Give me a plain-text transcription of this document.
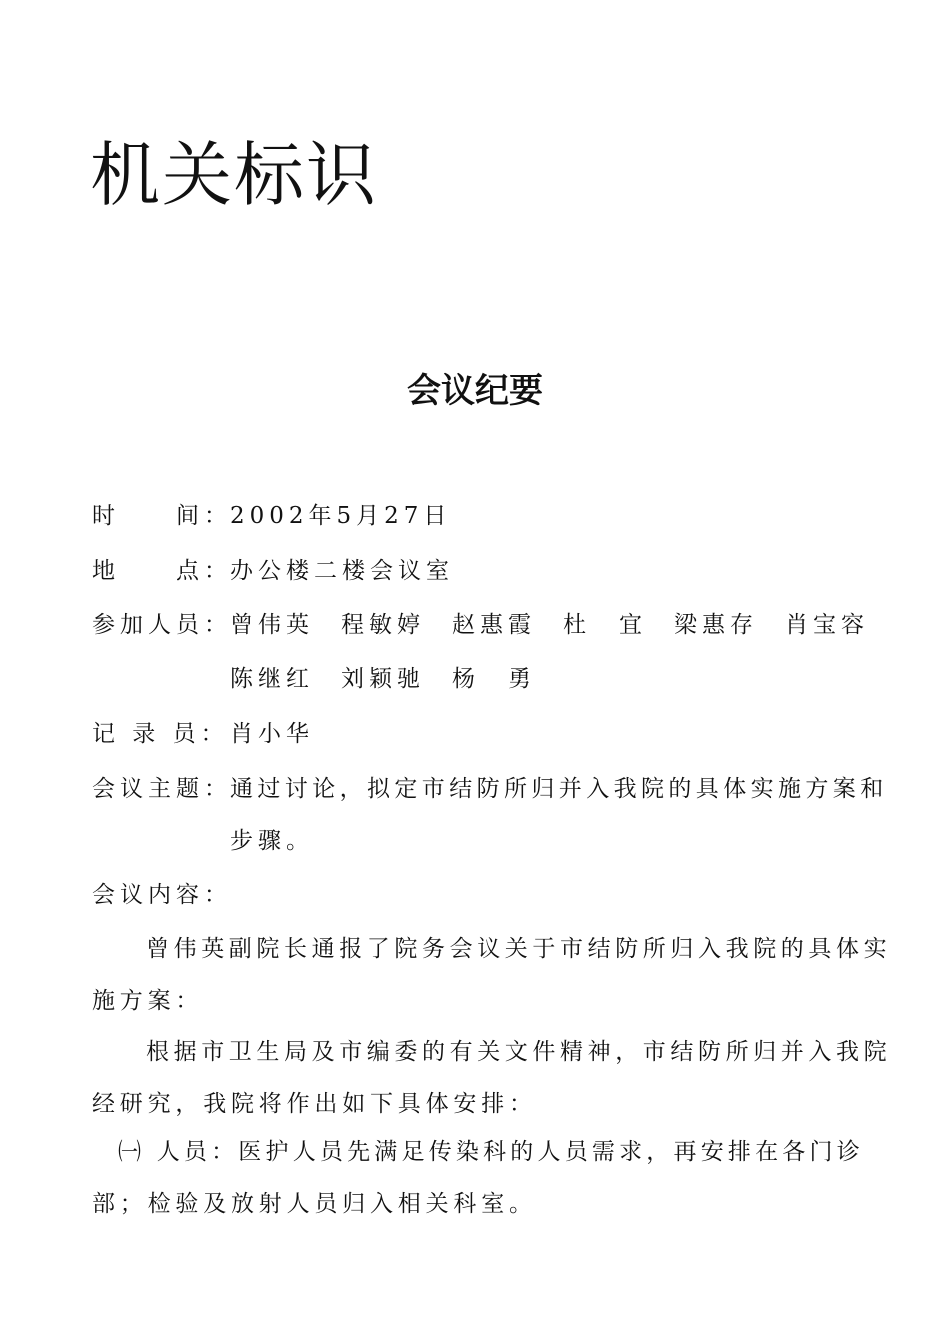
机关标识
会议纪要
时　　间：
2002年5月27日
地　　点：
办公楼二楼会议室
参加人员：
曾伟英 程敏婷 赵惠霞 杜　宜 梁惠存 肖宝容
陈继红 刘颖驰 杨　勇
记 录 员： 肖小华
会议主题：
通过讨论，拟定市结防所归并入我院的具体实施方案和
步骤。
会议内容：
曾伟英副院长通报了院务会议关于市结防所归入我院的具体实
施方案：
根据市卫生局及市编委的有关文件精神，市结防所归并入我院
经研究，我院将作出如下具体安排：
㈠ 人员：医护人员先满足传染科的人员需求，再安排在各门诊
部；检验及放射人员归入相关科室。
